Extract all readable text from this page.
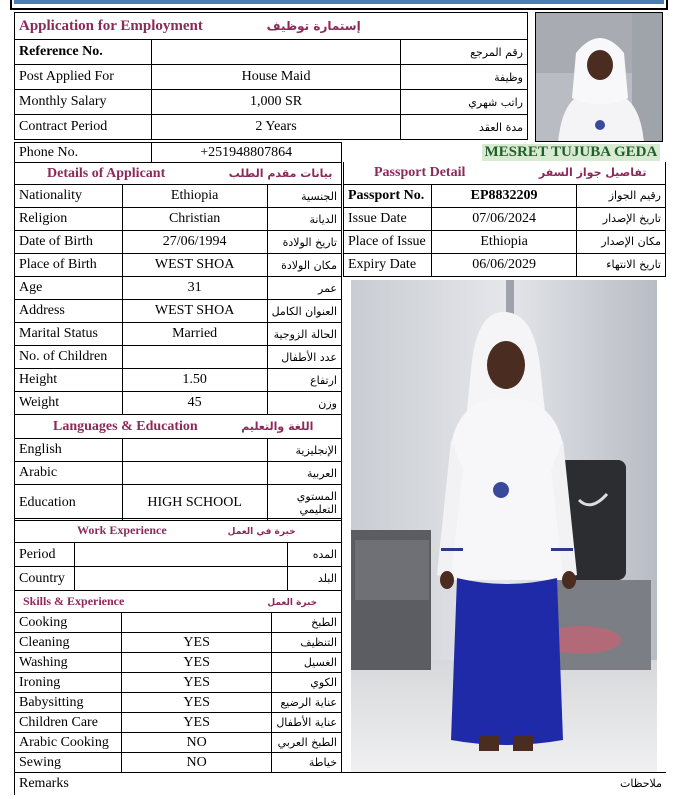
Application for Employment إستمارة توظيف		
Reference No.		رقم المرجع
Post Applied For	House Maid	وظيفة
Monthly Salary	1,000 SR	راتب شهري
Contract Period	2 Years	مدة العقد
Phone No.	+251948807864	MESRET TUJUBA GEDA
Details of Applicant بيانات مقدم الطلب		
Nationality	Ethiopia	الجنسية
Religion	Christian	الديانة
Date of Birth	27/06/1994	تاريخ الولادة
Place of Birth	WEST SHOA	مكان الولادة
Age	31	عمر
Address	WEST SHOA	العنوان الكامل
Marital Status	Married	الحالة الزوجية
No. of Children		عدد الأطفال
Height	1.50	ارتفاع
Weight	45	وزن
Languages & Education اللغة والتعليم		
English		الإنجليزية
Arabic		العربية
Education	HIGH SCHOOL	المستوي التعليمي
Work Experience خبرة في العمل		
Period		المده
Country		البلد
Skills & Experience خبرة العمل		
Cooking		الطبخ
Cleaning	YES	التنظيف
Washing	YES	الغسيل
Ironing	YES	الكوي
Babysitting	YES	عناية الرضيع
Children Care	YES	عناية الأطفال
Arabic Cooking	NO	الطبخ العربي
Sewing	NO	خياطة
Passport Detail تفاصيل جواز السفر		
Passport No.	EP8832209	رقيم الجواز
Issue Date	07/06/2024	تاريخ الإصدار
Place of Issue	Ethiopia	مكان الإصدار
Expiry Date	06/06/2029	تاريخ الانتهاء
Remarks	ملاحظات
